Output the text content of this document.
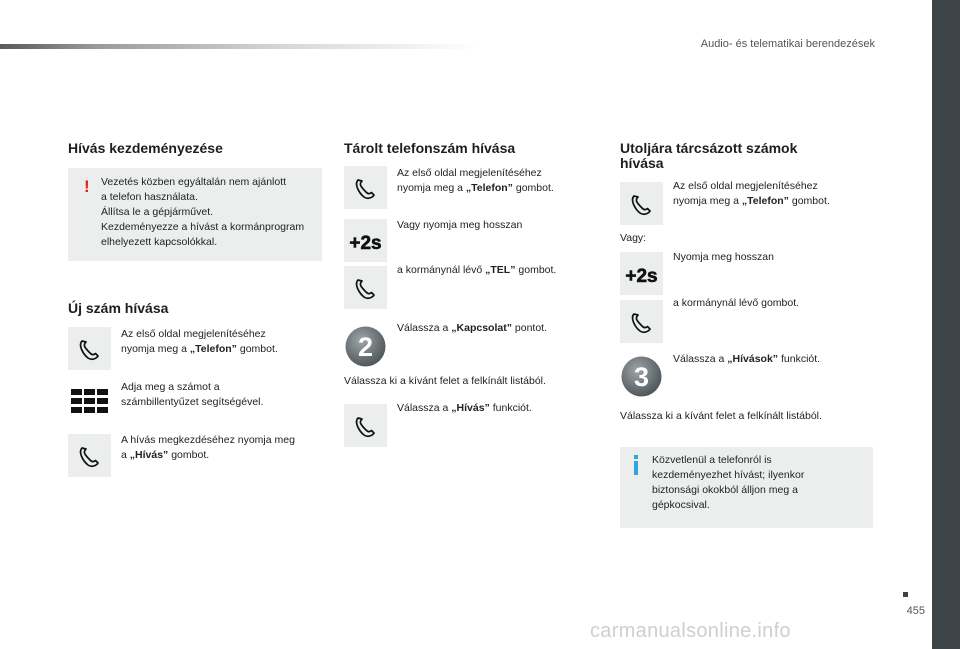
Audio- és telematikai berendezések
Hívás kezdeményezése
! Vezetés közben egyáltalán nem ajánlott
a telefon használata.
Állítsa le a gépjárművet.
Kezdeményezze a hívást a kormánprogram
elhelyezett kapcsolókkal.
Új szám hívása
Az első oldal megjelenítéséhez
nyomja meg a „Telefon” gombot.
Adja meg a számot a
számbillentyűzet segítségével.
A hívás megkezdéséhez nyomja meg
a „Hívás” gombot.
Tárolt telefonszám hívása
Az első oldal megjelenítéséhez
nyomja meg a „Telefon” gombot.
+2s
Vagy nyomja meg hosszan
a kormánynál lévő „TEL” gombot.
2
Válassza a „Kapcsolat” pontot.
Válassza ki a kívánt felet a felkínált listából.
Válassza a „Hívás” funkciót.
Utoljára tárcsázott számok
hívása
Az első oldal megjelenítéséhez
nyomja meg a „Telefon” gombot.
Vagy:
+2s
Nyomja meg hosszan
a kormánynál lévő gombot.
3
Válassza a „Hívások” funkciót.
Válassza ki a kívánt felet a felkínált listából.
Közvetlenül a telefonról is
kezdeményezhet hívást; ilyenkor
biztonsági okokból álljon meg a
gépkocsival.
455
carmanualsonline.info
